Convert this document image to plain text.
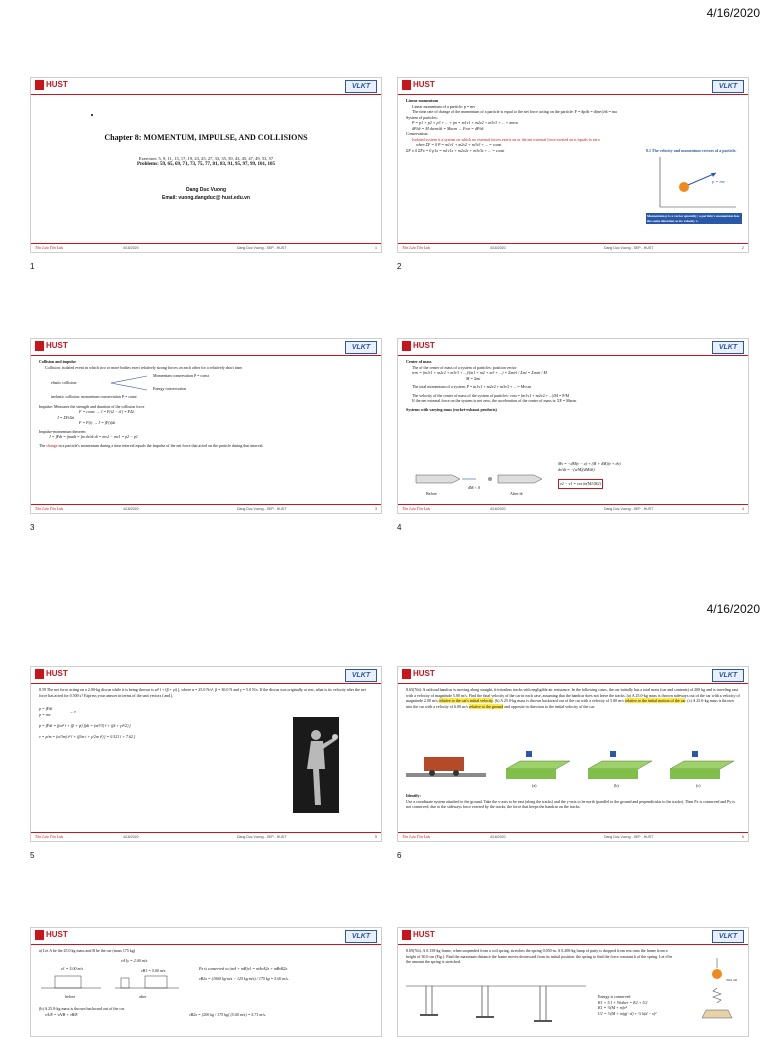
4/16/2020
4/16/2020
HUST	VLKT
Chapter 8: MOMENTUM, IMPULSE, AND COLLISIONS
Exercises: 5, 9, 11, 13, 17, 19, 23, 25, 27, 33, 35, 39, 43, 45, 47, 49, 53, 57
Problems: 59, 65, 69, 71, 73, 75, 77, 81, 83, 91, 95, 97, 99, 101, 105
Dang Duc Vuong
Email: vuong.dangduc@ hust.edu.vn
Tôn Lưu Tôn Lưu	4/16/2020	Dang Duc Vuong - SEP - HUST	1
1
HUST	VLKT

Linear momentum

Linear momentum of a particle: p = mv

The time rate of change of the momentum of a particle is equal to the net force acting on the particle: F = dp/dt = d(mv)/dt = ma

System of particles:

P = p1 + p2 + p3 + ... + pn = m1v1 + m2v2 + m3v3 + ... + mnvn

dP/dt = M dvcm/dt = Macm → Fext = dP/dt

Conservation:

Isolated system is a system on which no external forces exerts on or the net external force exerted on it equals to zero

when ΣF = 0 P = m1v1 + m2v2 + m3v3 + ... = const

ΣF ≠ 0 ΣFx = 0 p1x = m1v1x + m2v2x + m3v3x + ... = const	8.1 The velocity and momentum vectors of a particle.
p = mv
Momentum p is a vector quantity; a particle's momentum has the same direction as its velocity v.
Tôn Lưu Tôn Lưu	4/16/2020	Dang Duc Vuong - SEP - HUST	2
2
HUST	VLKT

Collision and impulse

Collision: isolated event in which two or more bodies exert relatively strong forces on each other for a relatively short time.

elastic collision:
Momentum conservation P = const
Energy conservation

inelastic collision: momentum conservation P = const

Impulse: Measures the strength and duration of the collision force

F = const → J = F(t2 − t1) = FΔt

J = ΣFiΔti

F = F(t) → J = ∫F(t)dt

Impulse-momentum theorem

J = ∫Fdt = ∫madt = ∫m dv/dt dt = mv2 − mv1 = p2 − p1

The change in a particle's momentum during a time interval equals the impulse of the net force that acted on the particle during that interval.

Tôn Lưu Tôn Lưu	4/16/2020	Dang Duc Vuong - SEP - HUST	3
3
HUST	VLKT

Center of mass

The of the center of mass of a system of particles: position vector

rcm = (m1r1 + m2r2 + m3r3 + ...)/(m1 + m2 + m3 + ...) = Σmiri / Σmi = Σmiri / M

M = Σmi

The total momentum of a system: P = m1v1 + m2v2 + m3v3 + ... = Mvcm

The velocity of the center of mass of the system of particles: vcm = (m1v1 + m2v2 + ...)/M = P/M

If the net external force on the system is net zero, the acceleration of the center of mass is: ΣF = Macm

Systems with varying mass (rocket-exhaust products)

Before
dM < 0
After dt

Mv = −dM(v − u) + (M + dM)(v + dv)

dv/dt = −(u/M)(dM/dt)

v2 − v1 = vex ln(M1/M2)

Tôn Lưu Tôn Lưu	4/16/2020	Dang Duc Vuong - SEP - HUST	4
4
HUST	VLKT

8.59 The net force acting on a 2.00-kg discus while it is being thrown is at² î + (β + γt) ĵ, where α = 25.0 N/s², β = 30.0 N and γ = 5.0 N/s. If the discus was originally at rest, what is its velocity after the net force has acted for 0.500 s? Express your answer in terms of the unit vectors î and ĵ.

p = ∫Fdt

p = mv	→ v

p = ∫Fdt = ∫(αt² î + (β + γt) ĵ)dt = (αt³/3) î + (βt + γt²/2) ĵ

v = p/m = (α/3m) t³ î + (β/m t + γ/2m t²) ĵ = 0.521 î + 7.62 ĵ

Tôn Lưu Tôn Lưu	4/16/2020	Dang Duc Vuong - SEP - HUST	5
5
HUST	VLKT

8.65(7th). A railroad handcar is moving along straight, frictionless tracks with negligible air resistance. In the following cases, the car initially has a total mass (car and contents) of 200 kg and is traveling east with a velocity of magnitude 5.00 m/s. Find the final velocity of the car in each case, assuming that the handcar does not leave the tracks. (a) A 25.0-kg mass is thrown sideways out of the car with a velocity of magnitude 2.00 m/s relative to the car's initial velocity. (b) A 25.0-kg mass is thrown backward out of the car with a velocity of 5.00 m/s relative to the initial motion of the car. (c) A 25.0-kg mass is thrown into the car with a velocity of 6.00 m/s relative to the ground and opposite in direction to the initial velocity of the car.

(a)	(b)	(c)

Identify:

Use a coordinate system attached to the ground. Take the x-axis to be east (along the tracks) and the y-axis to be north (parallel to the ground and perpendicular to the tracks). Then Px is conserved and Py is not conserved, due to the sideways force exerted by the tracks, the force that keeps the handcar on the tracks.

Tôn Lưu Tôn Lưu	4/16/2020	Dang Duc Vuong - SEP - HUST	6
6
HUST	VLKT

a) Let A be the 25.0 kg mass and B be the car (mass 175 kg)

v1 = 5.00 m/s
vA1y = 2.00 m/s
vB1 = 5.00 m/s
before	after

Px is conserved so (mA + mB)v1 = mAvA2x + mBvB2x

vB2x = (1000 kg·m/s − 125 kg·m/s) / 175 kg = 5.00 m/s.

(b) A 25.0-kg mass is thrown backward out of the car

vA/E = vA/B + vB/E	vB2x = [200 kg / 175 kg] (5.00 m/s) = 5.71 m/s.

HUST	VLKT

8.69(7th). A 0.150-kg frame, when suspended from a coil spring, stretches the spring 0.050 m. A 0.200-kg lump of putty is dropped from rest onto the frame from a height of 30.0 cm (Fig.). Find the maximum distance the frame moves downward from its initial position. the spring to find the force constant k of the spring. Let d be the amount the spring is stretched.

Energy is conserved

K1 + U1 + Wother = K2 + U2

K1 = ½(M + m)v²

U1 = ½(M + m)g(−d) + ½ k(d − x)²

30.0 cm
